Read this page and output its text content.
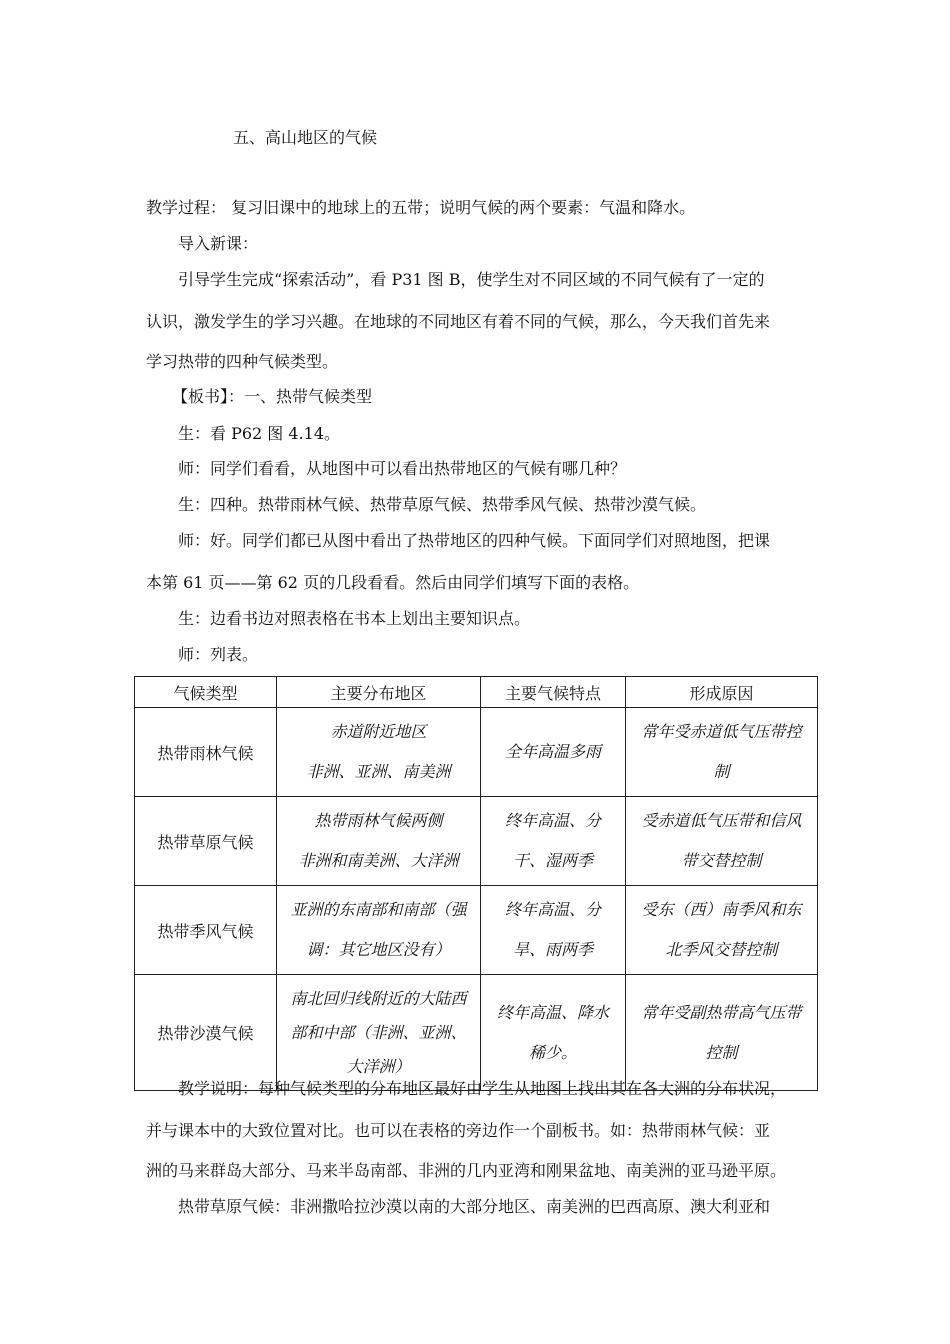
五、高山地区的气候
教学过程： 复习旧课中的地球上的五带；说明气候的两个要素：气温和降水。
导入新课：
引导学生完成“探索活动”，看 P31 图 B，使学生对不同区域的不同气候有了一定的
认识，激发学生的学习兴趣。在地球的不同地区有着不同的气候，那么，今天我们首先来
学习热带的四种气候类型。
【板书】：一、热带气候类型
生：看 P62 图 4.14。
师：同学们看看，从地图中可以看出热带地区的气候有哪几种？
生：四种。热带雨林气候、热带草原气候、热带季风气候、热带沙漠气候。
师：好。同学们都已从图中看出了热带地区的四种气候。下面同学们对照地图，把课
本第 61 页——第 62 页的几段看看。然后由同学们填写下面的表格。
生：边看书边对照表格在书本上划出主要知识点。
师：列表。
气候类型	主要分布地区	主要气候特点	形成原因
热带雨林气候	赤道附近地区
非洲、亚洲、南美洲	全年高温多雨	常年受赤道低气压带控
制

热带草原气候	热带雨林气候两侧
非洲和南美洲、大洋洲	终年高温、分
干、湿两季	受赤道低气压带和信风
带交替控制

热带季风气候	亚洲的东南部和南部（强
调：其它地区没有）	终年高温、分
旱、雨两季	受东（西）南季风和东
北季风交替控制

热带沙漠气候	南北回归线附近的大陆西
部和中部（非洲、亚洲、
大洋洲）	终年高温、降水
稀少。	常年受副热带高气压带
控制
教学说明：每种气候类型的分布地区最好由学生从地图上找出其在各大洲的分布状况，
并与课本中的大致位置对比。也可以在表格的旁边作一个副板书。如：热带雨林气候：亚
洲的马来群岛大部分、马来半岛南部、非洲的几内亚湾和刚果盆地、南美洲的亚马逊平原。
热带草原气候：非洲撒哈拉沙漠以南的大部分地区、南美洲的巴西高原、澳大利亚和
